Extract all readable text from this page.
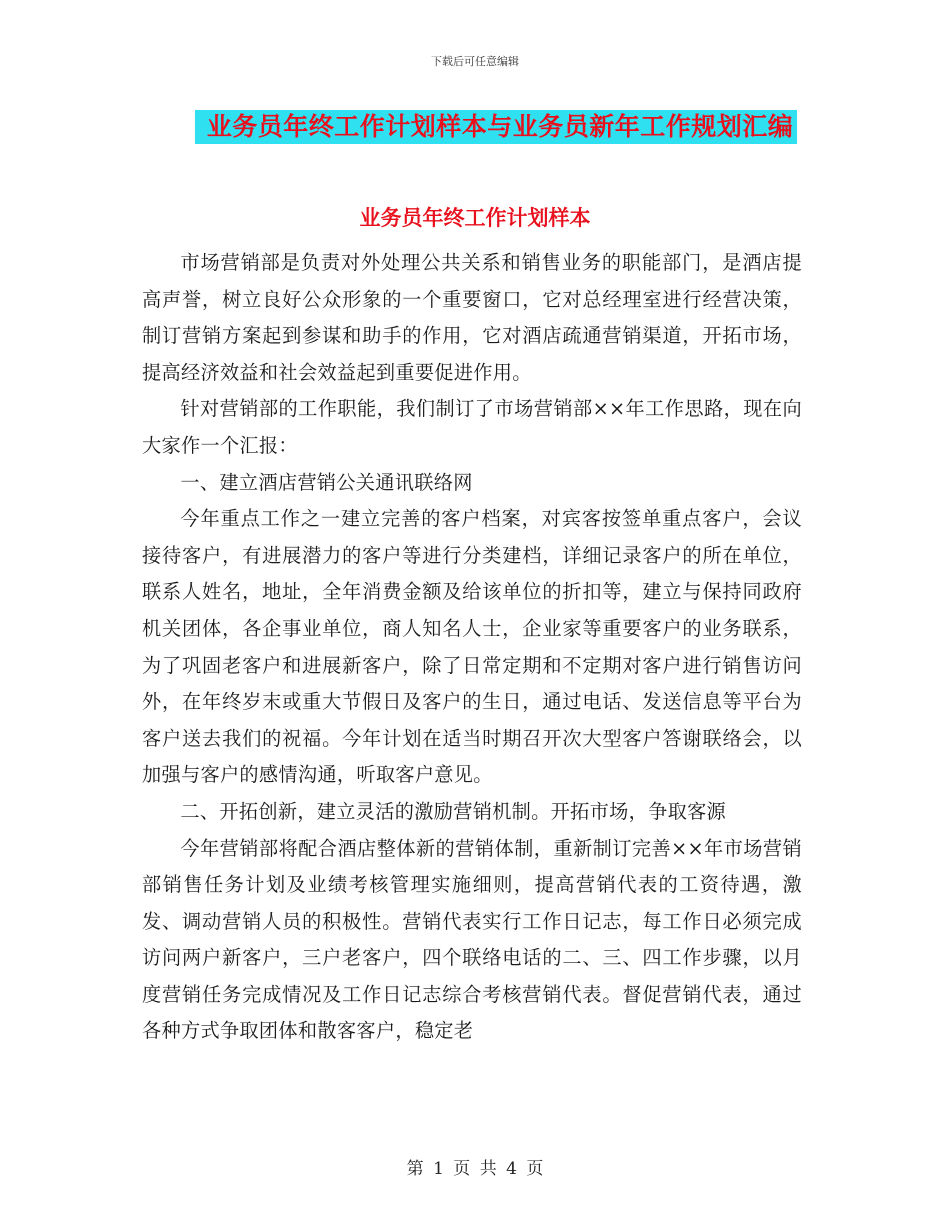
下载后可任意编辑
业务员年终工作计划样本与业务员新年工作规划汇编
业务员年终工作计划样本

市场营销部是负责对外处理公共关系和销售业务的职能部门，是酒店提高声誉，树立良好公众形象的一个重要窗口，它对总经理室进行经营决策，制订营销方案起到参谋和助手的作用，它对酒店疏通营销渠道，开拓市场，提高经济效益和社会效益起到重要促进作用。

针对营销部的工作职能，我们制订了市场营销部××年工作思路，现在向大家作一个汇报：

一、建立酒店营销公关通讯联络网

今年重点工作之一建立完善的客户档案，对宾客按签单重点客户，会议接待客户，有进展潜力的客户等进行分类建档，详细记录客户的所在单位，联系人姓名，地址，全年消费金额及给该单位的折扣等，建立与保持同政府机关团体，各企事业单位，商人知名人士，企业家等重要客户的业务联系，为了巩固老客户和进展新客户，除了日常定期和不定期对客户进行销售访问外，在年终岁末或重大节假日及客户的生日，通过电话、发送信息等平台为客户送去我们的祝福。今年计划在适当时期召开次大型客户答谢联络会，以加强与客户的感情沟通，听取客户意见。

二、开拓创新，建立灵活的激励营销机制。开拓市场，争取客源

今年营销部将配合酒店整体新的营销体制，重新制订完善××年市场营销部销售任务计划及业绩考核管理实施细则，提高营销代表的工资待遇，激发、调动营销人员的积极性。营销代表实行工作日记志，每工作日必须完成访问两户新客户，三户老客户，四个联络电话的二、三、四工作步骤，以月度营销任务完成情况及工作日记志综合考核营销代表。督促营销代表，通过各种方式争取团体和散客客户，稳定老

第 1 页 共 4 页
